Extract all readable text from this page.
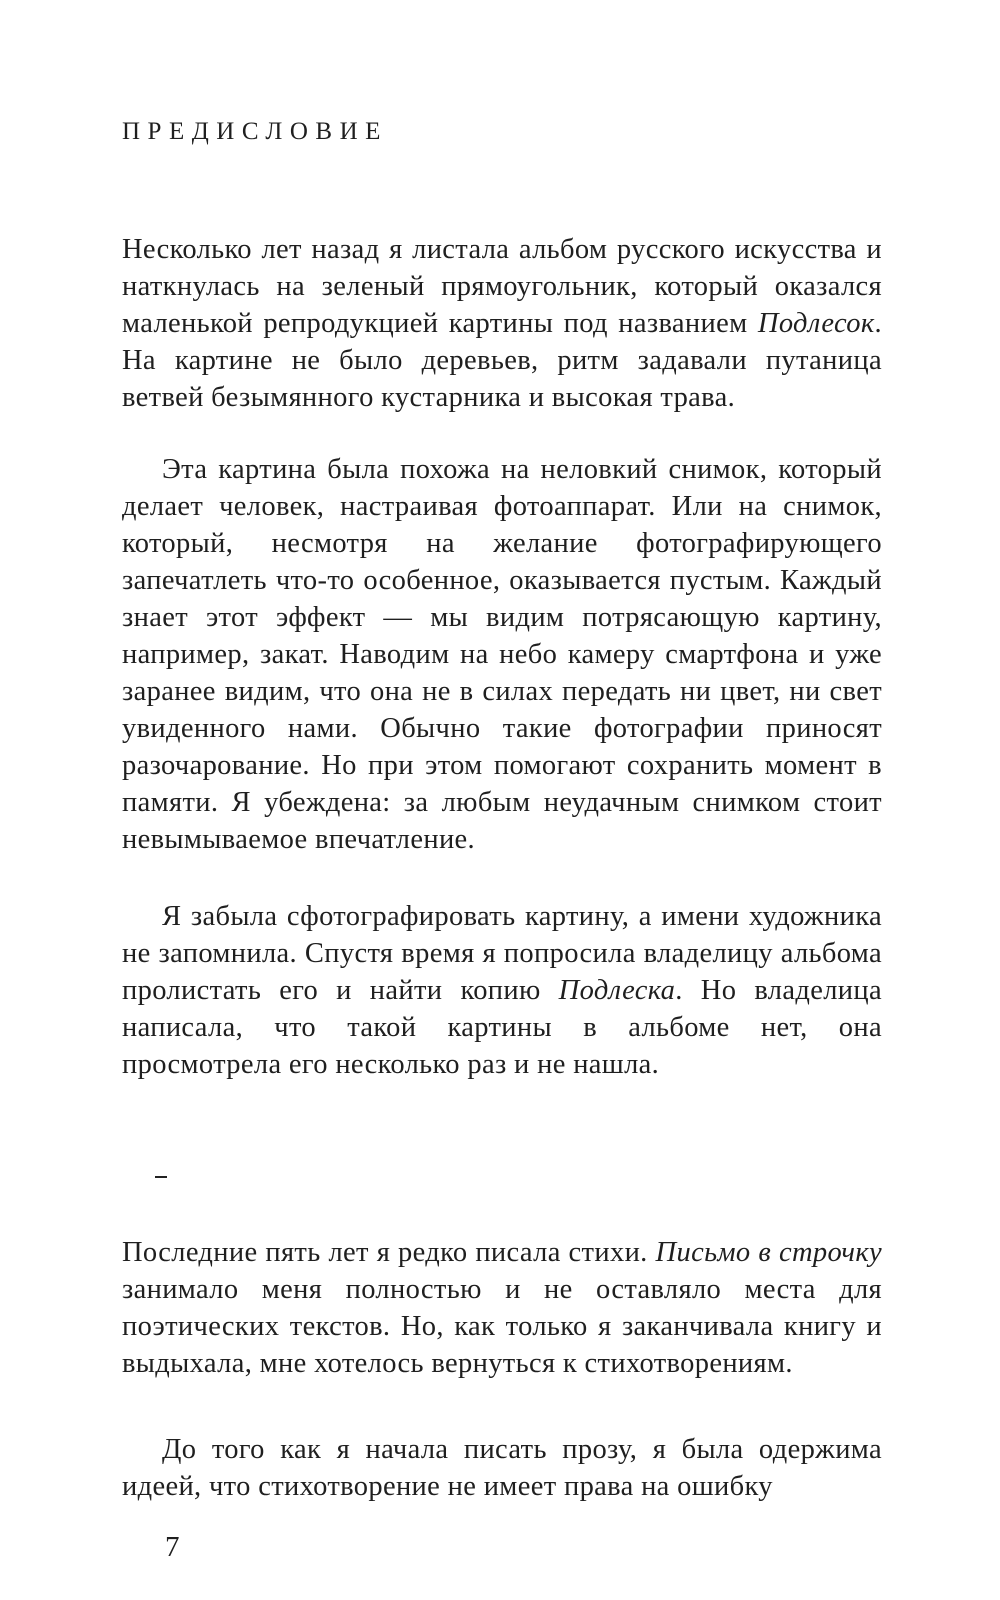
ПРЕДИСЛОВИЕ

Несколько лет назад я листала альбом русского искусства и наткнулась на зеленый прямоугольник, который оказался маленькой репродукцией картины под названием Подлесок. На картине не было деревьев, ритм задавали путаница ветвей безымянного кустарника и высокая трава.

Эта картина была похожа на неловкий снимок, который делает человек, настраивая фотоаппарат. Или на снимок, который, несмотря на желание фотографирующего запечатлеть что-то особенное, оказывается пустым. Каждый знает этот эффект — мы видим потрясающую картину, например, закат. Наводим на небо камеру смартфона и уже заранее видим, что она не в силах передать ни цвет, ни свет увиденного нами. Обычно такие фотографии приносят разочарование. Но при этом помогают сохранить момент в памяти. Я убеждена: за любым неудачным снимком стоит невымываемое впечатление.

Я забыла сфотографировать картину, а имени художника не запомнила. Спустя время я попросила владелицу альбома пролистать его и найти копию Подлеска. Но владелица написала, что такой картины в альбоме нет, она просмотрела его несколько раз и не нашла.

Последние пять лет я редко писала стихи. Письмо в строчку занимало меня полностью и не оставляло места для поэтических текстов. Но, как только я заканчивала книгу и выдыхала, мне хотелось вернуться к стихотворениям.

До того как я начала писать прозу, я была одержима идеей, что стихотворение не имеет права на ошибку

7
